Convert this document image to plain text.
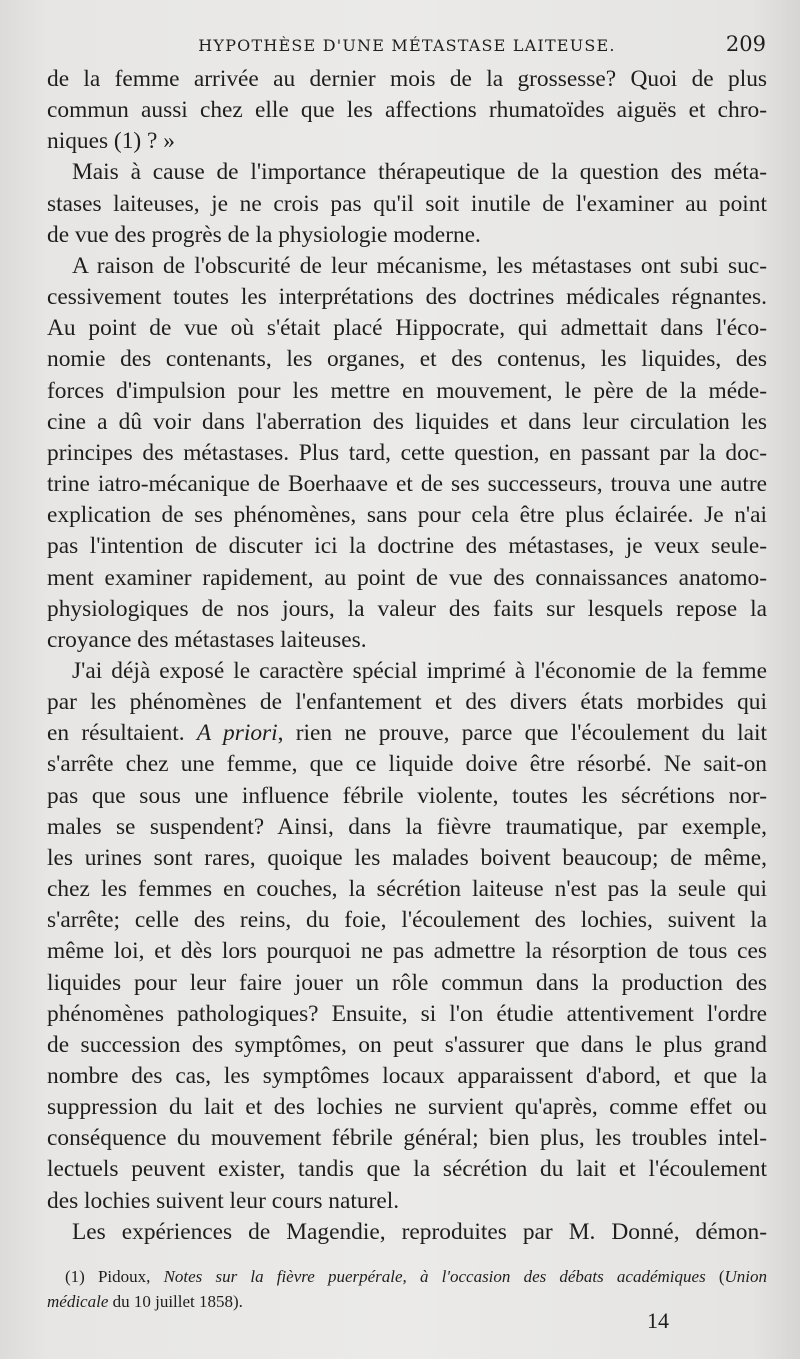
HYPOTHÈSE D'UNE MÉTASTASE LAITEUSE.	209
de la femme arrivée au dernier mois de la grossesse? Quoi de plus
commun aussi chez elle que les affections rhumatoïdes aiguës et chro-
niques (1) ? »
Mais à cause de l'importance thérapeutique de la question des méta-
stases laiteuses, je ne crois pas qu'il soit inutile de l'examiner au point
de vue des progrès de la physiologie moderne.
A raison de l'obscurité de leur mécanisme, les métastases ont subi suc-
cessivement toutes les interprétations des doctrines médicales régnantes.
Au point de vue où s'était placé Hippocrate, qui admettait dans l'éco-
nomie des contenants, les organes, et des contenus, les liquides, des
forces d'impulsion pour les mettre en mouvement, le père de la méde-
cine a dû voir dans l'aberration des liquides et dans leur circulation les
principes des métastases. Plus tard, cette question, en passant par la doc-
trine iatro-mécanique de Boerhaave et de ses successeurs, trouva une autre
explication de ses phénomènes, sans pour cela être plus éclairée. Je n'ai
pas l'intention de discuter ici la doctrine des métastases, je veux seule-
ment examiner rapidement, au point de vue des connaissances anatomo-
physiologiques de nos jours, la valeur des faits sur lesquels repose la
croyance des métastases laiteuses.
J'ai déjà exposé le caractère spécial imprimé à l'économie de la femme
par les phénomènes de l'enfantement et des divers états morbides qui
en résultaient. A priori, rien ne prouve, parce que l'écoulement du lait
s'arrête chez une femme, que ce liquide doive être résorbé. Ne sait-on
pas que sous une influence fébrile violente, toutes les sécrétions nor-
males se suspendent? Ainsi, dans la fièvre traumatique, par exemple,
les urines sont rares, quoique les malades boivent beaucoup; de même,
chez les femmes en couches, la sécrétion laiteuse n'est pas la seule qui
s'arrête; celle des reins, du foie, l'écoulement des lochies, suivent la
même loi, et dès lors pourquoi ne pas admettre la résorption de tous ces
liquides pour leur faire jouer un rôle commun dans la production des
phénomènes pathologiques? Ensuite, si l'on étudie attentivement l'ordre
de succession des symptômes, on peut s'assurer que dans le plus grand
nombre des cas, les symptômes locaux apparaissent d'abord, et que la
suppression du lait et des lochies ne survient qu'après, comme effet ou
conséquence du mouvement fébrile général; bien plus, les troubles intel-
lectuels peuvent exister, tandis que la sécrétion du lait et l'écoulement
des lochies suivent leur cours naturel.
Les expériences de Magendie, reproduites par M. Donné, démon-
(1) Pidoux, Notes sur la fièvre puerpérale, à l'occasion des débats académiques (Union
médicale du 10 juillet 1858).
14
